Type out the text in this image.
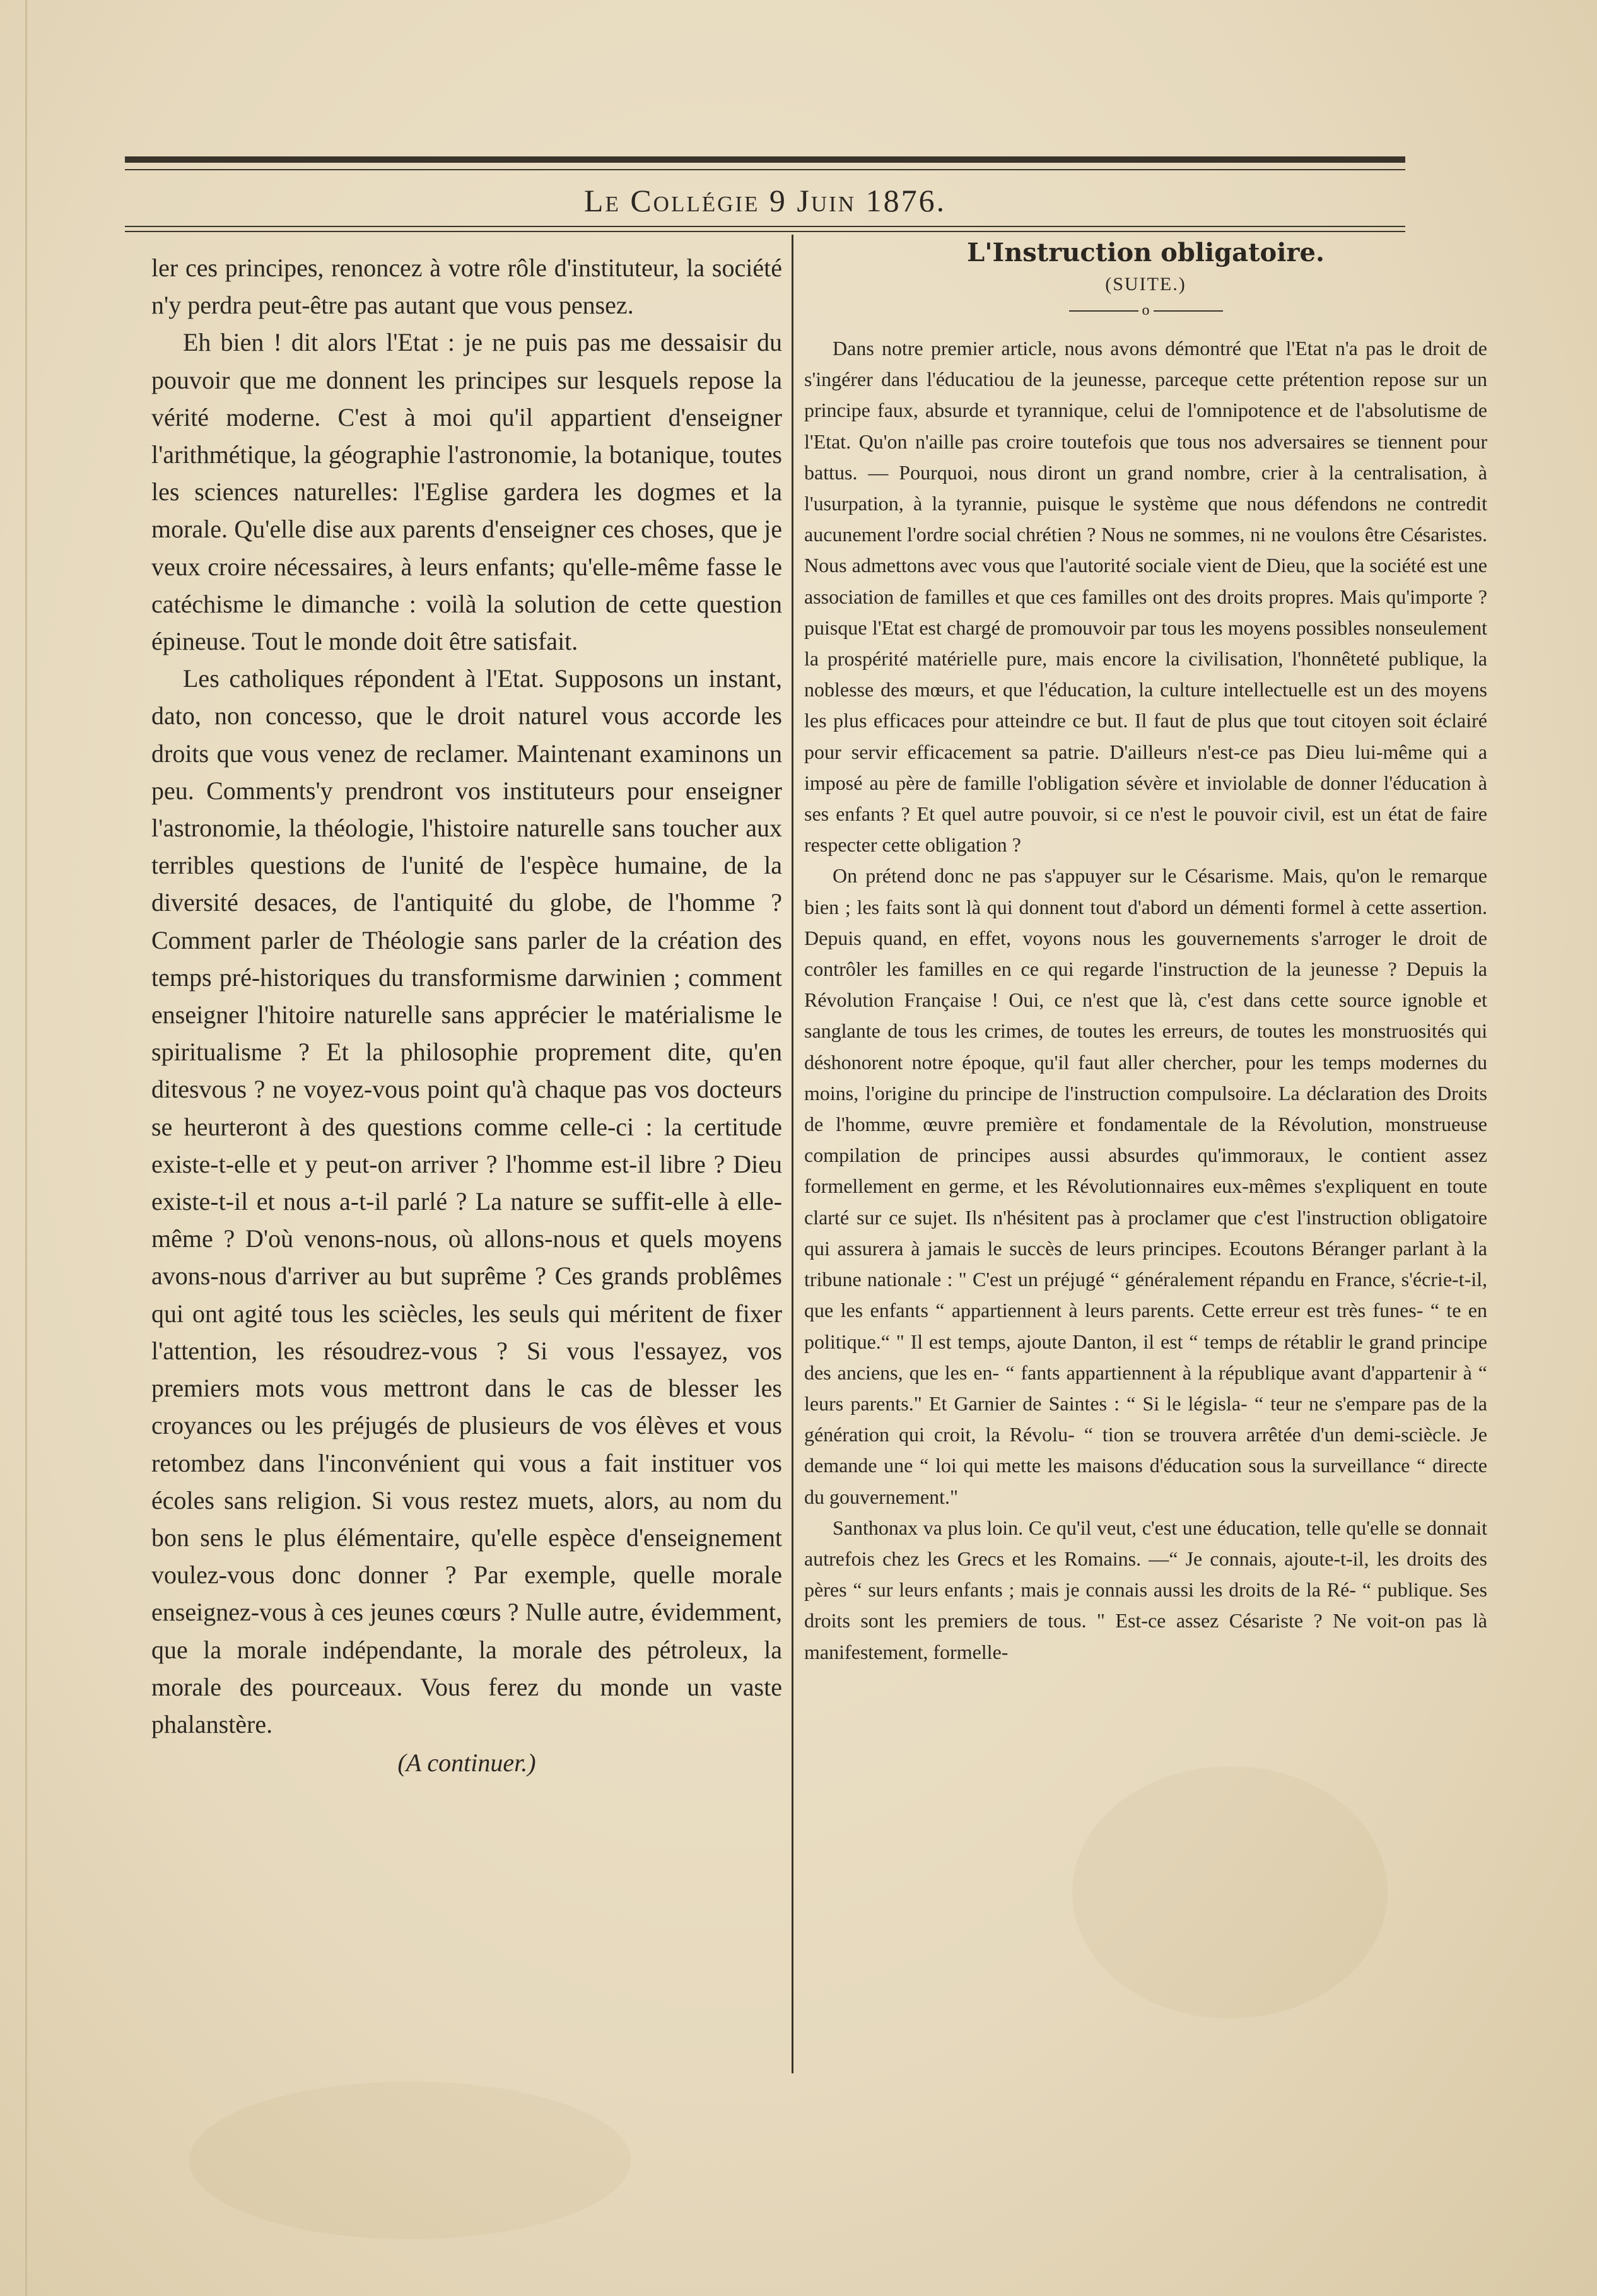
Le Collégie 9 Juin 1876.

ler ces principes, renoncez à votre rôle d'instituteur, la société n'y perdra peut-être pas autant que vous pensez.

Eh bien ! dit alors l'Etat : je ne puis pas me dessaisir du pouvoir que me donnent les principes sur lesquels repose la vérité moderne. C'est à moi qu'il appartient d'enseigner l'arithmétique, la géographie l'astronomie, la botanique, toutes les sciences naturelles: l'Eglise gardera les dogmes et la morale. Qu'elle dise aux parents d'enseigner ces choses, que je veux croire nécessaires, à leurs enfants; qu'elle-même fasse le catéchisme le dimanche : voilà la solution de cette question épineuse. Tout le monde doit être satisfait.

Les catholiques répondent à l'Etat. Supposons un instant, dato, non concesso, que le droit naturel vous accorde les droits que vous venez de reclamer. Maintenant examinons un peu. Comments'y prendront vos instituteurs pour enseigner l'astronomie, la théologie, l'histoire naturelle sans toucher aux terribles questions de l'unité de l'espèce humaine, de la diversité desaces, de l'antiquité du globe, de l'homme ? Comment parler de Théologie sans parler de la création des temps pré-historiques du transformisme darwinien ; comment enseigner l'hitoire naturelle sans apprécier le matérialisme le spiritualisme ? Et la philosophie proprement dite, qu'en ditesvous ? ne voyez-vous point qu'à chaque pas vos docteurs se heurteront à des questions comme celle-ci : la certitude existe-t-elle et y peut-on arriver ? l'homme est-il libre ? Dieu existe-t-il et nous a-t-il parlé ? La nature se suffit-elle à elle-même ? D'où venons-nous, où allons-nous et quels moyens avons-nous d'arriver au but suprême ? Ces grands problêmes qui ont agité tous les sciècles, les seuls qui méritent de fixer l'attention, les résoudrez-vous ? Si vous l'essayez, vos premiers mots vous mettront dans le cas de blesser les croyances ou les préjugés de plusieurs de vos élèves et vous retombez dans l'inconvénient qui vous a fait instituer vos écoles sans religion. Si vous restez muets, alors, au nom du bon sens le plus élémentaire, qu'elle espèce d'enseignement voulez-vous donc donner ? Par exemple, quelle morale enseignez-vous à ces jeunes cœurs ? Nulle autre, évidemment, que la morale indépendante, la morale des pétroleux, la morale des pourceaux. Vous ferez du monde un vaste phalanstère.

(A continuer.)

L'Instruction obligatoire.
(SUITE.)
o

Dans notre premier article, nous avons démontré que l'Etat n'a pas le droit de s'ingérer dans l'éducatiou de la jeunesse, parceque cette prétention repose sur un principe faux, absurde et tyrannique, celui de l'omnipotence et de l'absolutisme de l'Etat. Qu'on n'aille pas croire toutefois que tous nos adversaires se tiennent pour battus. — Pourquoi, nous diront un grand nombre, crier à la centralisation, à l'usurpation, à la tyrannie, puisque le système que nous défendons ne contredit aucunement l'ordre social chrétien ? Nous ne sommes, ni ne voulons être Césaristes. Nous admettons avec vous que l'autorité sociale vient de Dieu, que la société est une association de familles et que ces familles ont des droits propres. Mais qu'importe ? puisque l'Etat est chargé de promouvoir par tous les moyens possibles nonseulement la prospérité matérielle pure, mais encore la civilisation, l'honnêteté publique, la noblesse des mœurs, et que l'éducation, la culture intellectuelle est un des moyens les plus efficaces pour atteindre ce but. Il faut de plus que tout citoyen soit éclairé pour servir efficacement sa patrie. D'ailleurs n'est-ce pas Dieu lui-même qui a imposé au père de famille l'obligation sévère et inviolable de donner l'éducation à ses enfants ? Et quel autre pouvoir, si ce n'est le pouvoir civil, est un état de faire respecter cette obligation ?

On prétend donc ne pas s'appuyer sur le Césarisme. Mais, qu'on le remarque bien ; les faits sont là qui donnent tout d'abord un démenti formel à cette assertion. Depuis quand, en effet, voyons nous les gouvernements s'arroger le droit de contrôler les familles en ce qui regarde l'instruction de la jeunesse ? Depuis la Révolution Française ! Oui, ce n'est que là, c'est dans cette source ignoble et sanglante de tous les crimes, de toutes les erreurs, de toutes les monstruosités qui déshonorent notre époque, qu'il faut aller chercher, pour les temps modernes du moins, l'origine du principe de l'instruction compulsoire. La déclaration des Droits de l'homme, œuvre première et fondamentale de la Révolution, monstrueuse compilation de principes aussi absurdes qu'immoraux, le contient assez formellement en germe, et les Révolutionnaires eux-mêmes s'expliquent en toute clarté sur ce sujet. Ils n'hésitent pas à proclamer que c'est l'instruction obligatoire qui assurera à jamais le succès de leurs principes. Ecoutons Béranger parlant à la tribune nationale : " C'est un préjugé “ généralement répandu en France, s'écrie-t-il, que les enfants “ appartiennent à leurs parents. Cette erreur est très funes- “ te en politique.“ " Il est temps, ajoute Danton, il est “ temps de rétablir le grand principe des anciens, que les en- “ fants appartiennent à la république avant d'appartenir à “ leurs parents." Et Garnier de Saintes : “ Si le législa- “ teur ne s'empare pas de la génération qui croit, la Révolu- “ tion se trouvera arrêtée d'un demi-sciècle. Je demande une “ loi qui mette les maisons d'éducation sous la surveillance “ directe du gouvernement."

Santhonax va plus loin. Ce qu'il veut, c'est une éducation, telle qu'elle se donnait autrefois chez les Grecs et les Romains. —“ Je connais, ajoute-t-il, les droits des pères “ sur leurs enfants ; mais je connais aussi les droits de la Ré- “ publique. Ses droits sont les premiers de tous. " Est-ce assez Césariste ? Ne voit-on pas là manifestement, formelle-
